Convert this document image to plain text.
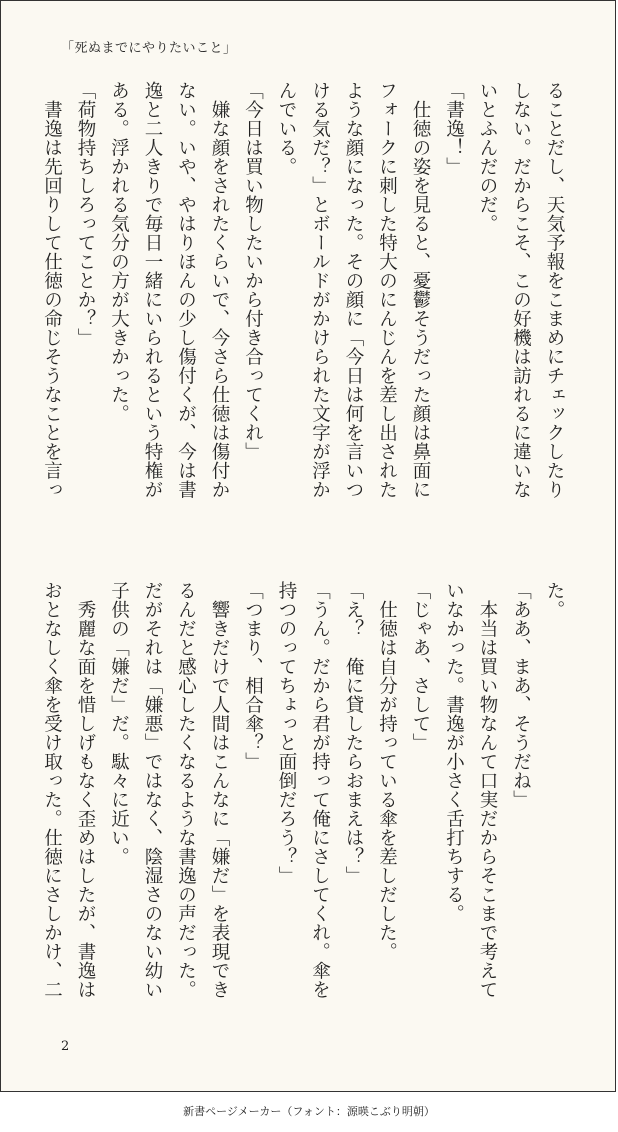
「死ぬまでにやりたいこと」
ることだし、天気予報をこまめにチェックしたり
しない。だからこそ、この好機は訪れるに違いな
いとふんだのだ。
「書逸！」
　仕徳の姿を見ると、憂鬱そうだった顔は鼻面に
フォークに刺した特大のにんじんを差し出された
ような顔になった。その顔に「今日は何を言いつ
ける気だ？」とボールドがかけられた文字が浮か
んでいる。
「今日は買い物したいから付き合ってくれ」
　嫌な顔をされたくらいで、今さら仕徳は傷付か
ない。いや、やはりほんの少し傷付くが、今は書
逸と二人きりで毎日一緒にいられるという特権が
ある。浮かれる気分の方が大きかった。
「荷物持ちしろってことか？」
　書逸は先回りして仕徳の命じそうなことを言っ
た。
「ああ、まあ、そうだね」
　本当は買い物なんて口実だからそこまで考えて
いなかった。書逸が小さく舌打ちする。
「じゃあ、さして」
　仕徳は自分が持っている傘を差しだした。
「え？　俺に貸したらおまえは？」
「うん。だから君が持って俺にさしてくれ。傘を
持つのってちょっと面倒だろう？」
「つまり、相合傘？」
　響きだけで人間はこんなに「嫌だ」を表現でき
るんだと感心したくなるような書逸の声だった。
だがそれは「嫌悪」ではなく、陰湿さのない幼い
子供の「嫌だ」だ。駄々に近い。
　秀麗な面を惜しげもなく歪めはしたが、書逸は
おとなしく傘を受け取った。仕徳にさしかけ、二
2
新書ページメーカー（フォント：源暎こぶり明朝）
